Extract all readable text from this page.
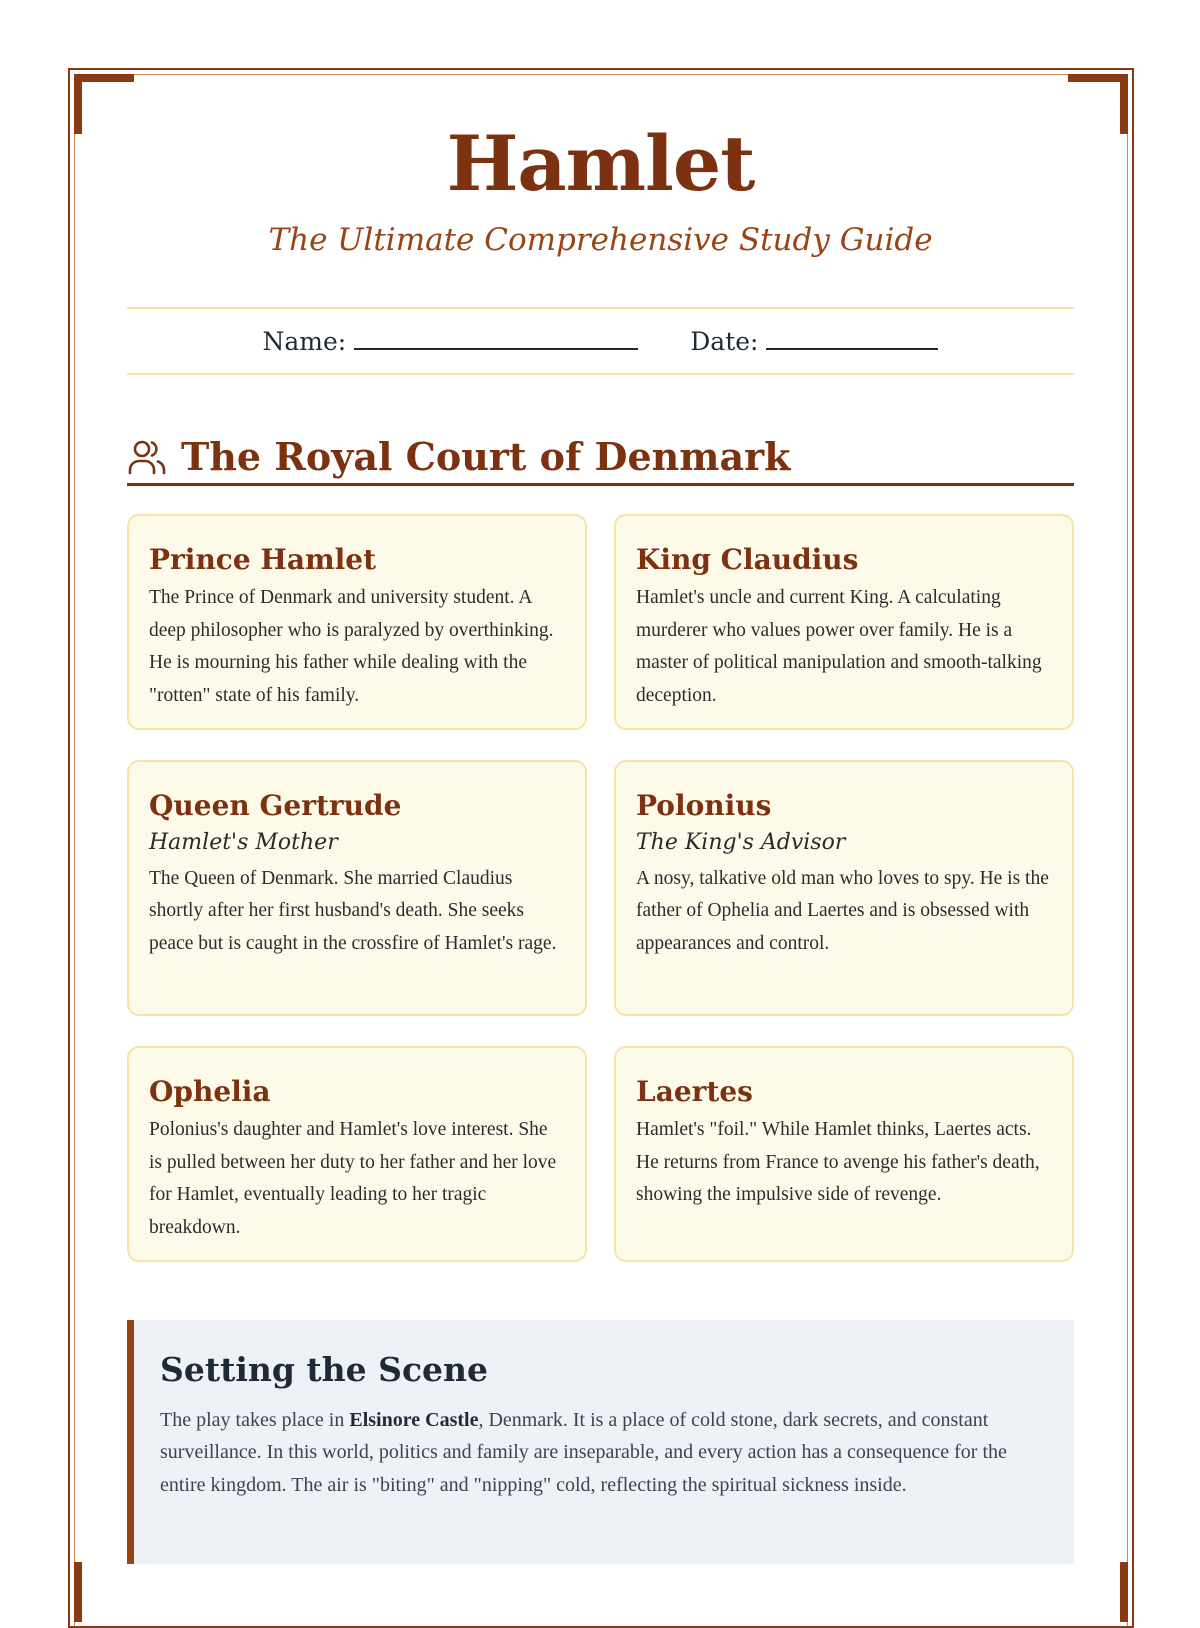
Hamlet
The Ultimate Comprehensive Study Guide
Name:	Date:
The Royal Court of Denmark
Prince Hamlet

The Prince of Denmark and university student. A deep philosopher who is paralyzed by overthinking. He is mourning his father while dealing with the "rotten" state of his family.

King Claudius

Hamlet's uncle and current King. A calculating murderer who values power over family. He is a master of political manipulation and smooth-talking deception.

Queen Gertrude

Hamlet's Mother

The Queen of Denmark. She married Claudius shortly after her first husband's death. She seeks peace but is caught in the crossfire of Hamlet's rage.

Polonius

The King's Advisor

A nosy, talkative old man who loves to spy. He is the father of Ophelia and Laertes and is obsessed with appearances and control.

Ophelia

Polonius's daughter and Hamlet's love interest. She is pulled between her duty to her father and her love for Hamlet, eventually leading to her tragic breakdown.

Laertes

Hamlet's "foil." While Hamlet thinks, Laertes acts. He returns from France to avenge his father's death, showing the impulsive side of revenge.

Setting the Scene

The play takes place in Elsinore Castle, Denmark. It is a place of cold stone, dark secrets, and constant surveillance. In this world, politics and family are inseparable, and every action has a consequence for the entire kingdom. The air is "biting" and "nipping" cold, reflecting the spiritual sickness inside.
